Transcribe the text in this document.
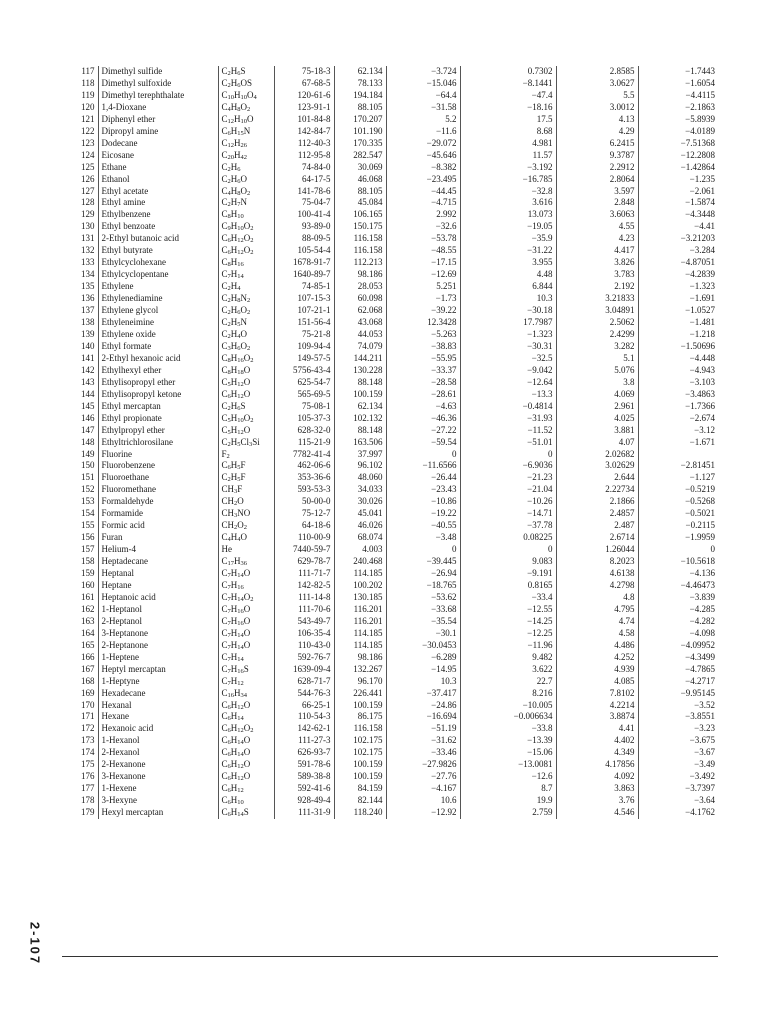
2-107
117	Dimethyl sulfide	$C_2H_6S$	75-18-3	62.134	−3.724	0.7302	2.8585	−1.7443
118	Dimethyl sulfoxide	$C_2H_6OS$	67-68-5	78.133	−15.046	−8.1441	3.0627	−1.6054
119	Dimethyl terephthalate	$C_{10}H_{10}O_4$	120-61-6	194.184	−64.4	−47.4	5.5	−4.4115
120	1,4-Dioxane	$C_4H_8O_2$	123-91-1	88.105	−31.58	−18.16	3.0012	−2.1863
121	Diphenyl ether	$C_{12}H_{10}O$	101-84-8	170.207	5.2	17.5	4.13	−5.8939
122	Dipropyl amine	$C_6H_{15}N$	142-84-7	101.190	−11.6	8.68	4.29	−4.0189
123	Dodecane	$C_{12}H_{26}$	112-40-3	170.335	−29.072	4.981	6.2415	−7.51368
124	Eicosane	$C_{20}H_{42}$	112-95-8	282.547	−45.646	11.57	9.3787	−12.2808
125	Ethane	$C_2H_6$	74-84-0	30.069	−8.382	−3.192	2.2912	−1.42864
126	Ethanol	$C_2H_6O$	64-17-5	46.068	−23.495	−16.785	2.8064	−1.235
127	Ethyl acetate	$C_4H_8O_2$	141-78-6	88.105	−44.45	−32.8	3.597	−2.061
128	Ethyl amine	$C_2H_7N$	75-04-7	45.084	−4.715	3.616	2.848	−1.5874
129	Ethylbenzene	$C_8H_{10}$	100-41-4	106.165	2.992	13.073	3.6063	−4.3448
130	Ethyl benzoate	$C_9H_{10}O_2$	93-89-0	150.175	−32.6	−19.05	4.55	−4.41
131	2-Ethyl butanoic acid	$C_6H_{12}O_2$	88-09-5	116.158	−53.78	−35.9	4.23	−3.21203
132	Ethyl butyrate	$C_6H_{12}O_2$	105-54-4	116.158	−48.55	−31.22	4.417	−3.284
133	Ethylcyclohexane	$C_8H_{16}$	1678-91-7	112.213	−17.15	3.955	3.826	−4.87051
134	Ethylcyclopentane	$C_7H_{14}$	1640-89-7	98.186	−12.69	4.48	3.783	−4.2839
135	Ethylene	$C_2H_4$	74-85-1	28.053	5.251	6.844	2.192	−1.323
136	Ethylenediamine	$C_2H_8N_2$	107-15-3	60.098	−1.73	10.3	3.21833	−1.691
137	Ethylene glycol	$C_2H_6O_2$	107-21-1	62.068	−39.22	−30.18	3.04891	−1.0527
138	Ethyleneimine	$C_2H_5N$	151-56-4	43.068	12.3428	17.7987	2.5062	−1.481
139	Ethylene oxide	$C_2H_4O$	75-21-8	44.053	−5.263	−1.323	2.4299	−1.218
140	Ethyl formate	$C_3H_6O_2$	109-94-4	74.079	−38.83	−30.31	3.282	−1.50696
141	2-Ethyl hexanoic acid	$C_8H_{16}O_2$	149-57-5	144.211	−55.95	−32.5	5.1	−4.448
142	Ethylhexyl ether	$C_8H_{18}O$	5756-43-4	130.228	−33.37	−9.042	5.076	−4.943
143	Ethylisopropyl ether	$C_5H_{12}O$	625-54-7	88.148	−28.58	−12.64	3.8	−3.103
144	Ethylisopropyl ketone	$C_6H_{12}O$	565-69-5	100.159	−28.61	−13.3	4.069	−3.4863
145	Ethyl mercaptan	$C_2H_6S$	75-08-1	62.134	−4.63	−0.4814	2.961	−1.7366
146	Ethyl propionate	$C_5H_{10}O_2$	105-37-3	102.132	−46.36	−31.93	4.025	−2.674
147	Ethylpropyl ether	$C_5H_{12}O$	628-32-0	88.148	−27.22	−11.52	3.881	−3.12
148	Ethyltrichlorosilane	$C_2H_5Cl_3Si$	115-21-9	163.506	−59.54	−51.01	4.07	−1.671
149	Fluorine	$F_2$	7782-41-4	37.997	0	0	2.02682	
150	Fluorobenzene	$C_6H_5F$	462-06-6	96.102	−11.6566	−6.9036	3.02629	−2.81451
151	Fluoroethane	$C_2H_5F$	353-36-6	48.060	−26.44	−21.23	2.644	−1.127
152	Fluoromethane	$CH_3F$	593-53-3	34.033	−23.43	−21.04	2.22734	−0.5219
153	Formaldehyde	$CH_2O$	50-00-0	30.026	−10.86	−10.26	2.1866	−0.5268
154	Formamide	$CH_3NO$	75-12-7	45.041	−19.22	−14.71	2.4857	−0.5021
155	Formic acid	$CH_2O_2$	64-18-6	46.026	−40.55	−37.78	2.487	−0.2115
156	Furan	$C_4H_4O$	110-00-9	68.074	−3.48	0.08225	2.6714	−1.9959
157	Helium-4	He	7440-59-7	4.003	0	0	1.26044	0
158	Heptadecane	$C_{17}H_{36}$	629-78-7	240.468	−39.445	9.083	8.2023	−10.5618
159	Heptanal	$C_7H_{14}O$	111-71-7	114.185	−26.94	−9.191	4.6138	−4.136
160	Heptane	$C_7H_{16}$	142-82-5	100.202	−18.765	0.8165	4.2798	−4.46473
161	Heptanoic acid	$C_7H_{14}O_2$	111-14-8	130.185	−53.62	−33.4	4.8	−3.839
162	1-Heptanol	$C_7H_{16}O$	111-70-6	116.201	−33.68	−12.55	4.795	−4.285
163	2-Heptanol	$C_7H_{16}O$	543-49-7	116.201	−35.54	−14.25	4.74	−4.282
164	3-Heptanone	$C_7H_{14}O$	106-35-4	114.185	−30.1	−12.25	4.58	−4.098
165	2-Heptanone	$C_7H_{14}O$	110-43-0	114.185	−30.0453	−11.96	4.486	−4.09952
166	1-Heptene	$C_7H_{14}$	592-76-7	98.186	−6.289	9.482	4.252	−4.3499
167	Heptyl mercaptan	$C_7H_{16}S$	1639-09-4	132.267	−14.95	3.622	4.939	−4.7865
168	1-Heptyne	$C_7H_{12}$	628-71-7	96.170	10.3	22.7	4.085	−4.2717
169	Hexadecane	$C_{16}H_{34}$	544-76-3	226.441	−37.417	8.216	7.8102	−9.95145
170	Hexanal	$C_6H_{12}O$	66-25-1	100.159	−24.86	−10.005	4.2214	−3.52
171	Hexane	$C_6H_{14}$	110-54-3	86.175	−16.694	−0.006634	3.8874	−3.8551
172	Hexanoic acid	$C_6H_{12}O_2$	142-62-1	116.158	−51.19	−33.8	4.41	−3.23
173	1-Hexanol	$C_6H_{14}O$	111-27-3	102.175	−31.62	−13.39	4.402	−3.675
174	2-Hexanol	$C_6H_{14}O$	626-93-7	102.175	−33.46	−15.06	4.349	−3.67
175	2-Hexanone	$C_6H_{12}O$	591-78-6	100.159	−27.9826	−13.0081	4.17856	−3.49
176	3-Hexanone	$C_6H_{12}O$	589-38-8	100.159	−27.76	−12.6	4.092	−3.492
177	1-Hexene	$C_6H_{12}$	592-41-6	84.159	−4.167	8.7	3.863	−3.7397
178	3-Hexyne	$C_6H_{10}$	928-49-4	82.144	10.6	19.9	3.76	−3.64
179	Hexyl mercaptan	$C_6H_{14}S$	111-31-9	118.240	−12.92	2.759	4.546	−4.1762
